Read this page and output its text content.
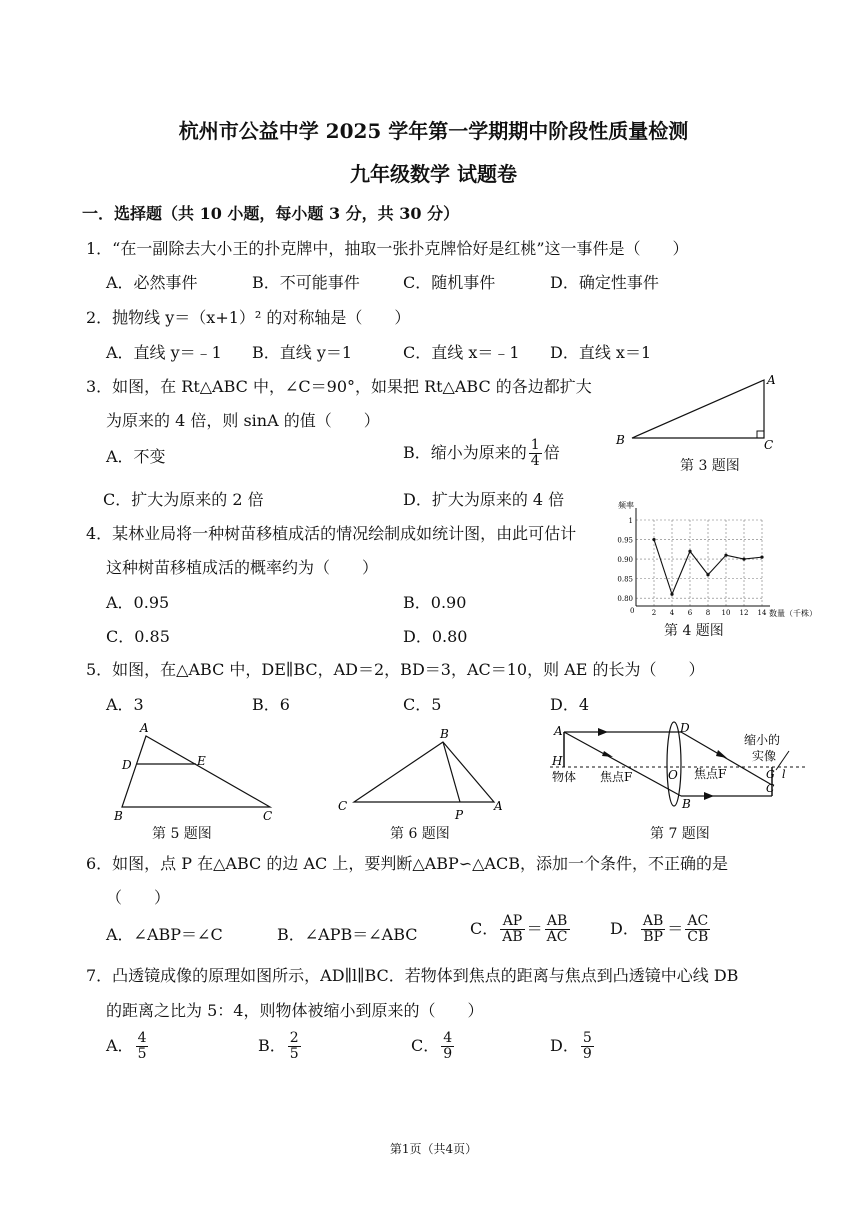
杭州市公益中学 2025 学年第一学期期中阶段性质量检测
九年级数学 试题卷
一．选择题（共 10 小题，每小题 3 分，共 30 分）
1．“在一副除去大小王的扑克牌中，抽取一张扑克牌恰好是红桃”这一事件是（　　）
A．必然事件	B．不可能事件	C．随机事件	D．确定性事件
2．抛物线 y＝（x+1）² 的对称轴是（　　）
A．直线 y＝﹣1 B．直线 y＝1	C．直线 x＝﹣1 D．直线 x＝1
3．如图，在 Rt△ABC 中，∠C＝90°，如果把 Rt△ABC 的各边都扩大
为原来的 4 倍，则 sinA 的值（　　）
A．不变	B．缩小为原来的 $\frac{1}{4}$ 倍
C．扩大为原来的 2 倍	D．扩大为原来的 4 倍
A
B	C
第 3 题图
4．某林业局将一种树苗移植成活的情况绘制成如统计图，由此可估计
这种树苗移植成活的概率约为（　　）
A．0.95	B．0.90
C．0.85	D．0.80
0.80
0.85
0.90
0.95
1
2 4 6 8 10 12 14
0
频率
数量（千株）
第 4 题图
5．如图，在△ABC 中，DE∥BC，AD＝2，BD＝3，AC＝10，则 AE 的长为（　　）
A．3	B．6	C．5	D．4
A
B	C
D	E
第 5 题图
B
C	A
P
第 6 题图
A
H
D
B
O	G
C
l
物体 焦点F	焦点F
缩小的
实像
第 7 题图
6．如图，点 P 在△ABC 的边 AC 上，要判断△ABP∽△ACB，添加一个条件，不正确的是
（　　）
A．∠ABP＝∠C	B．∠APB＝∠ABC	C． $\frac{AP}{AB} = \frac{AB}{AC}$	D． $\frac{AB}{BP} = \frac{AC}{CB}$
7．凸透镜成像的原理如图所示，AD∥l∥BC．若物体到焦点的距离与焦点到凸透镜中心线 DB
的距离之比为 5：4，则物体被缩小到原来的（　　）
A． $\frac{4}{5}$	B． $\frac{2}{5}$	C． $\frac{4}{9}$	D． $\frac{5}{9}$
第1页（共4页）
